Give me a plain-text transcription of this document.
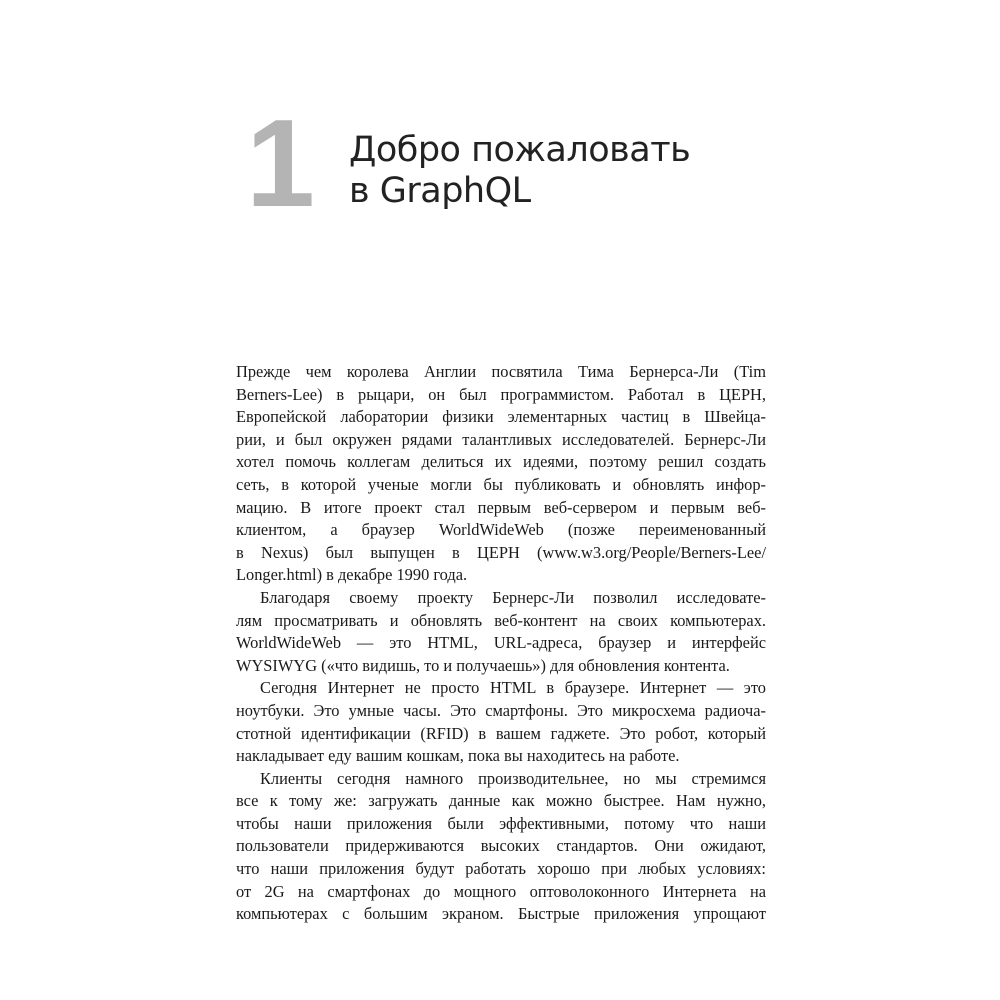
1 Добро пожаловать
в GraphQL

Прежде чем королева Англии посвятила Тима Бернерса-Ли (Tim
Berners-Lee) в рыцари, он был программистом. Работал в ЦЕРН,
Европейской лаборатории физики элементарных частиц в Швейца-
рии, и был окружен рядами талантливых исследователей. Бернерс-Ли
хотел помочь коллегам делиться их идеями, поэтому решил создать
сеть, в которой ученые могли бы публиковать и обновлять инфор-
мацию. В итоге проект стал первым веб-сервером и первым веб-
клиентом, а браузер WorldWideWeb (позже переименованный
в Nexus) был выпущен в ЦЕРН (www.w3.org/People/Berners-Lee/
Longer.html) в декабре 1990 года.

Благодаря своему проекту Бернерс-Ли позволил исследовате-
лям просматривать и обновлять веб-контент на своих компьютерах.
WorldWideWeb — это HTML, URL-адреса, браузер и интерфейс
WYSIWYG («что видишь, то и получаешь») для обновления контента.

Сегодня Интернет не просто HTML в браузере. Интернет — это
ноутбуки. Это умные часы. Это смартфоны. Это микросхема радиоча-
стотной идентификации (RFID) в вашем гаджете. Это робот, который
накладывает еду вашим кошкам, пока вы находитесь на работе.

Клиенты сегодня намного производительнее, но мы стремимся
все к тому же: загружать данные как можно быстрее. Нам нужно,
чтобы наши приложения были эффективными, потому что наши
пользователи придерживаются высоких стандартов. Они ожидают,
что наши приложения будут работать хорошо при любых условиях:
от 2G на смартфонах до мощного оптоволоконного Интернета на
компьютерах с большим экраном. Быстрые приложения упрощают
